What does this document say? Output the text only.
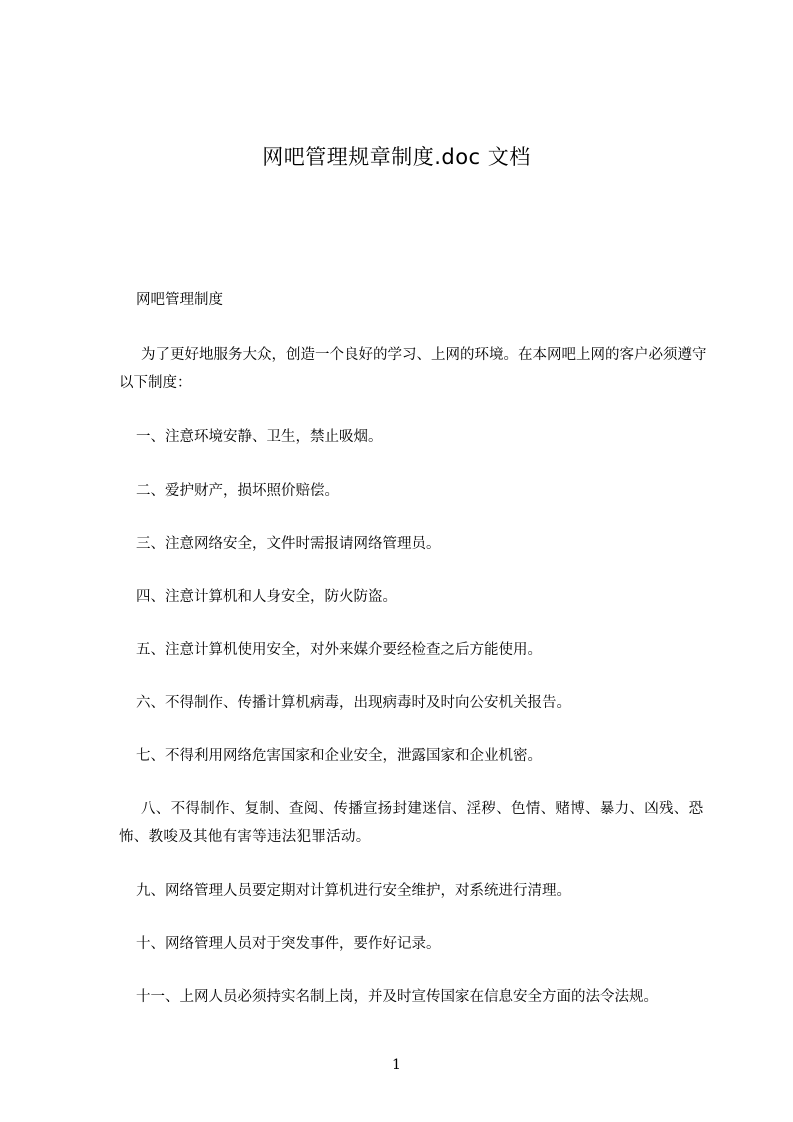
网吧管理规章制度.doc 文档
网吧管理制度

为了更好地服务大众，创造一个良好的学习、上网的环境。在本网吧上网的客户必须遵守以下制度：

一、注意环境安静、卫生，禁止吸烟。

二、爱护财产，损坏照价赔偿。

三、注意网络安全，文件时需报请网络管理员。

四、注意计算机和人身安全，防火防盗。

五、注意计算机使用安全，对外来媒介要经检查之后方能使用。

六、不得制作、传播计算机病毒，出现病毒时及时向公安机关报告。

七、不得利用网络危害国家和企业安全，泄露国家和企业机密。

八、不得制作、复制、查阅、传播宣扬封建迷信、淫秽、色情、赌博、暴力、凶残、恐怖、教唆及其他有害等违法犯罪活动。

九、网络管理人员要定期对计算机进行安全维护，对系统进行清理。

十、网络管理人员对于突发事件，要作好记录。

十一、上网人员必须持实名制上岗，并及时宣传国家在信息安全方面的法令法规。

1
